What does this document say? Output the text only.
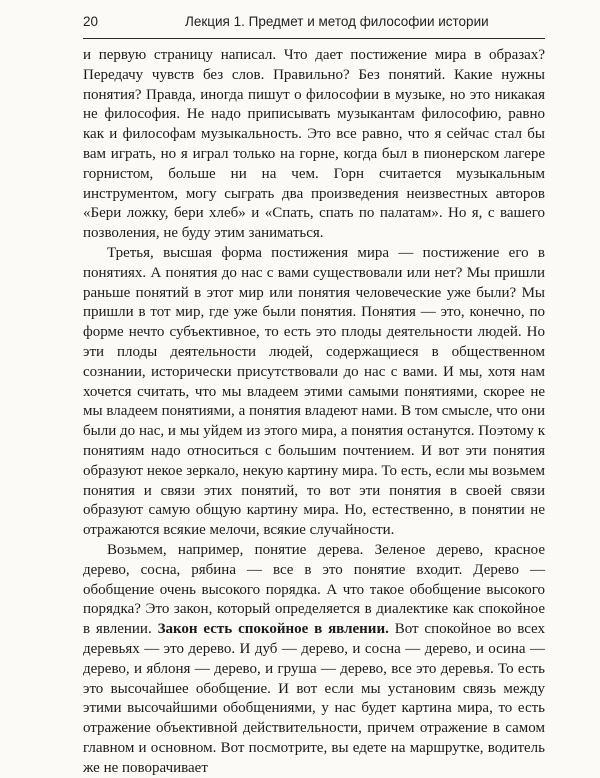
20	Лекция 1. Предмет и метод философии истории

и первую страницу написал. Что дает постижение мира в образах? Передачу чувств без слов. Правильно? Без понятий. Какие нужны понятия? Правда, иногда пишут о философии в музыке, но это никакая не философия. Не надо приписывать музыкантам философию, равно как и философам музыкальность. Это все равно, что я сейчас стал бы вам играть, но я играл только на горне, когда был в пионерском лагере горнистом, больше ни на чем. Горн считается музыкальным инструментом, могу сыграть два произведения неизвестных авторов «Бери ложку, бери хлеб» и «Спать, спать по палатам». Но я, с вашего позволения, не буду этим заниматься.

Третья, высшая форма постижения мира — постижение его в понятиях. А понятия до нас с вами существовали или нет? Мы пришли раньше понятий в этот мир или понятия человеческие уже были? Мы пришли в тот мир, где уже были понятия. Понятия — это, конечно, по форме нечто субъективное, то есть это плоды деятельности людей. Но эти плоды деятельности людей, содержащиеся в общественном сознании, исторически присутствовали до нас с вами. И мы, хотя нам хочется считать, что мы владеем этими самыми понятиями, скорее не мы владеем понятиями, а понятия владеют нами. В том смысле, что они были до нас, и мы уйдем из этого мира, а понятия останутся. Поэтому к понятиям надо относиться с большим почтением. И вот эти понятия образуют некое зеркало, некую картину мира. То есть, если мы возьмем понятия и связи этих понятий, то вот эти понятия в своей связи образуют самую общую картину мира. Но, естественно, в понятии не отражаются всякие мелочи, всякие случайности.

Возьмем, например, понятие дерева. Зеленое дерево, красное дерево, сосна, рябина — все в это понятие входит. Дерево — обобщение очень высокого порядка. А что такое обобщение высокого порядка? Это закон, который определяется в диалектике как спокойное в явлении. Закон есть спокойное в явлении. Вот спокойное во всех деревьях — это дерево. И дуб — дерево, и сосна — дерево, и осина — дерево, и яблоня — дерево, и груша — дерево, все это деревья. То есть это высочайшее обобщение. И вот если мы установим связь между этими высочайшими обобщениями, у нас будет картина мира, то есть отражение объективной действительности, причем отражение в самом главном и основном. Вот посмотрите, вы едете на маршрутке, водитель же не поворачивает
